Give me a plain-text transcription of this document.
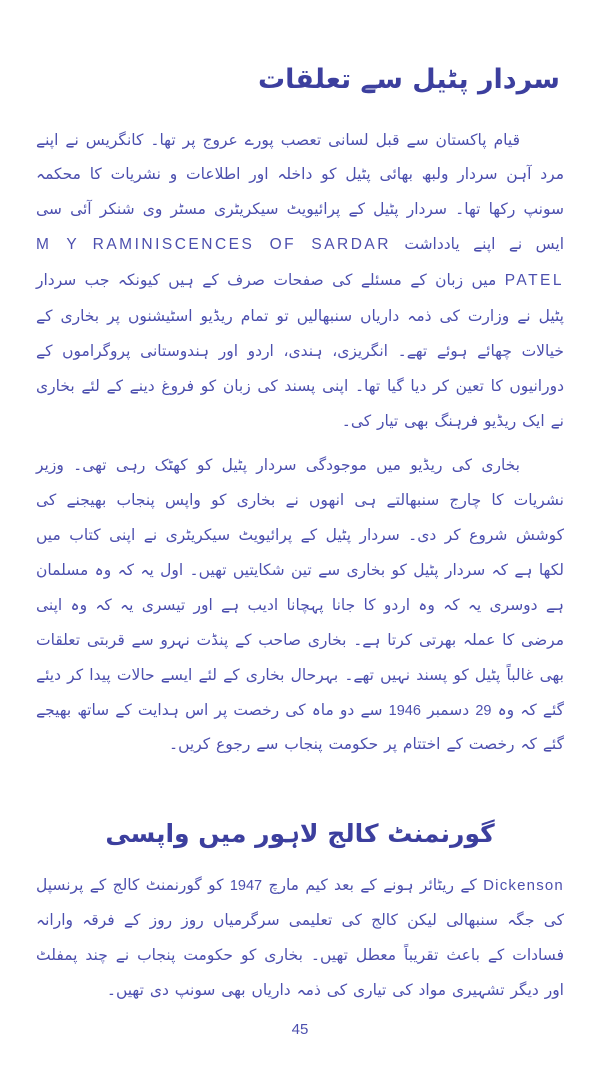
سردار پٹیل سے تعلقات

قیام پاکستان سے قبل لسانی تعصب پورے عروج پر تھا۔ کانگریس نے اپنے مرد آہن سردار ولبھ بھائی پٹیل کو داخلہ اور اطلاعات و نشریات کا محکمہ سونپ رکھا تھا۔ سردار پٹیل کے پرائیویٹ سیکریٹری مسٹر وی شنکر آئی سی ایس نے اپنے یادداشت M Y RAMINISCENCES OF SARDAR PATEL میں زبان کے مسئلے کی صفحات صرف کے ہیں کیونکہ جب سردار پٹیل نے وزارت کی ذمہ داریاں سنبھالیں تو تمام ریڈیو اسٹیشنوں پر بخاری کے خیالات چھائے ہوئے تھے۔ انگریزی، ہندی، اردو اور ہندوستانی پروگراموں کے دورانیوں کا تعین کر دیا گیا تھا۔ اپنی پسند کی زبان کو فروغ دینے کے لئے بخاری نے ایک ریڈیو فرہنگ بھی تیار کی۔

بخاری کی ریڈیو میں موجودگی سردار پٹیل کو کھٹک رہی تھی۔ وزیر نشریات کا چارج سنبھالتے ہی انھوں نے بخاری کو واپس پنجاب بھیجنے کی کوشش شروع کر دی۔ سردار پٹیل کے پرائیویٹ سیکریٹری نے اپنی کتاب میں لکھا ہے کہ سردار پٹیل کو بخاری سے تین شکایتیں تھیں۔ اول یہ کہ وہ مسلمان ہے دوسری یہ کہ وہ اردو کا جانا پہچانا ادیب ہے اور تیسری یہ کہ وہ اپنی مرضی کا عملہ بھرتی کرتا ہے۔ بخاری صاحب کے پنڈت نہرو سے قربتی تعلقات بھی غالباً پٹیل کو پسند نہیں تھے۔ بہرحال بخاری کے لئے ایسے حالات پیدا کر دیئے گئے کہ وہ 29 دسمبر 1946 سے دو ماہ کی رخصت پر اس ہدایت کے ساتھ بھیجے گئے کہ رخصت کے اختتام پر حکومت پنجاب سے رجوع کریں۔

گورنمنٹ کالج لاہور میں واپسی

Dickenson کے ریٹائر ہونے کے بعد کیم مارچ 1947 کو گورنمنٹ کالج کے پرنسپل کی جگہ سنبھالی لیکن کالج کی تعلیمی سرگرمیاں روز روز کے فرقہ وارانہ فسادات کے باعث تقریباً معطل تھیں۔ بخاری کو حکومت پنجاب نے چند پمفلٹ اور دیگر تشہیری مواد کی تیاری کی ذمہ داریاں بھی سونپ دی تھیں۔

45
